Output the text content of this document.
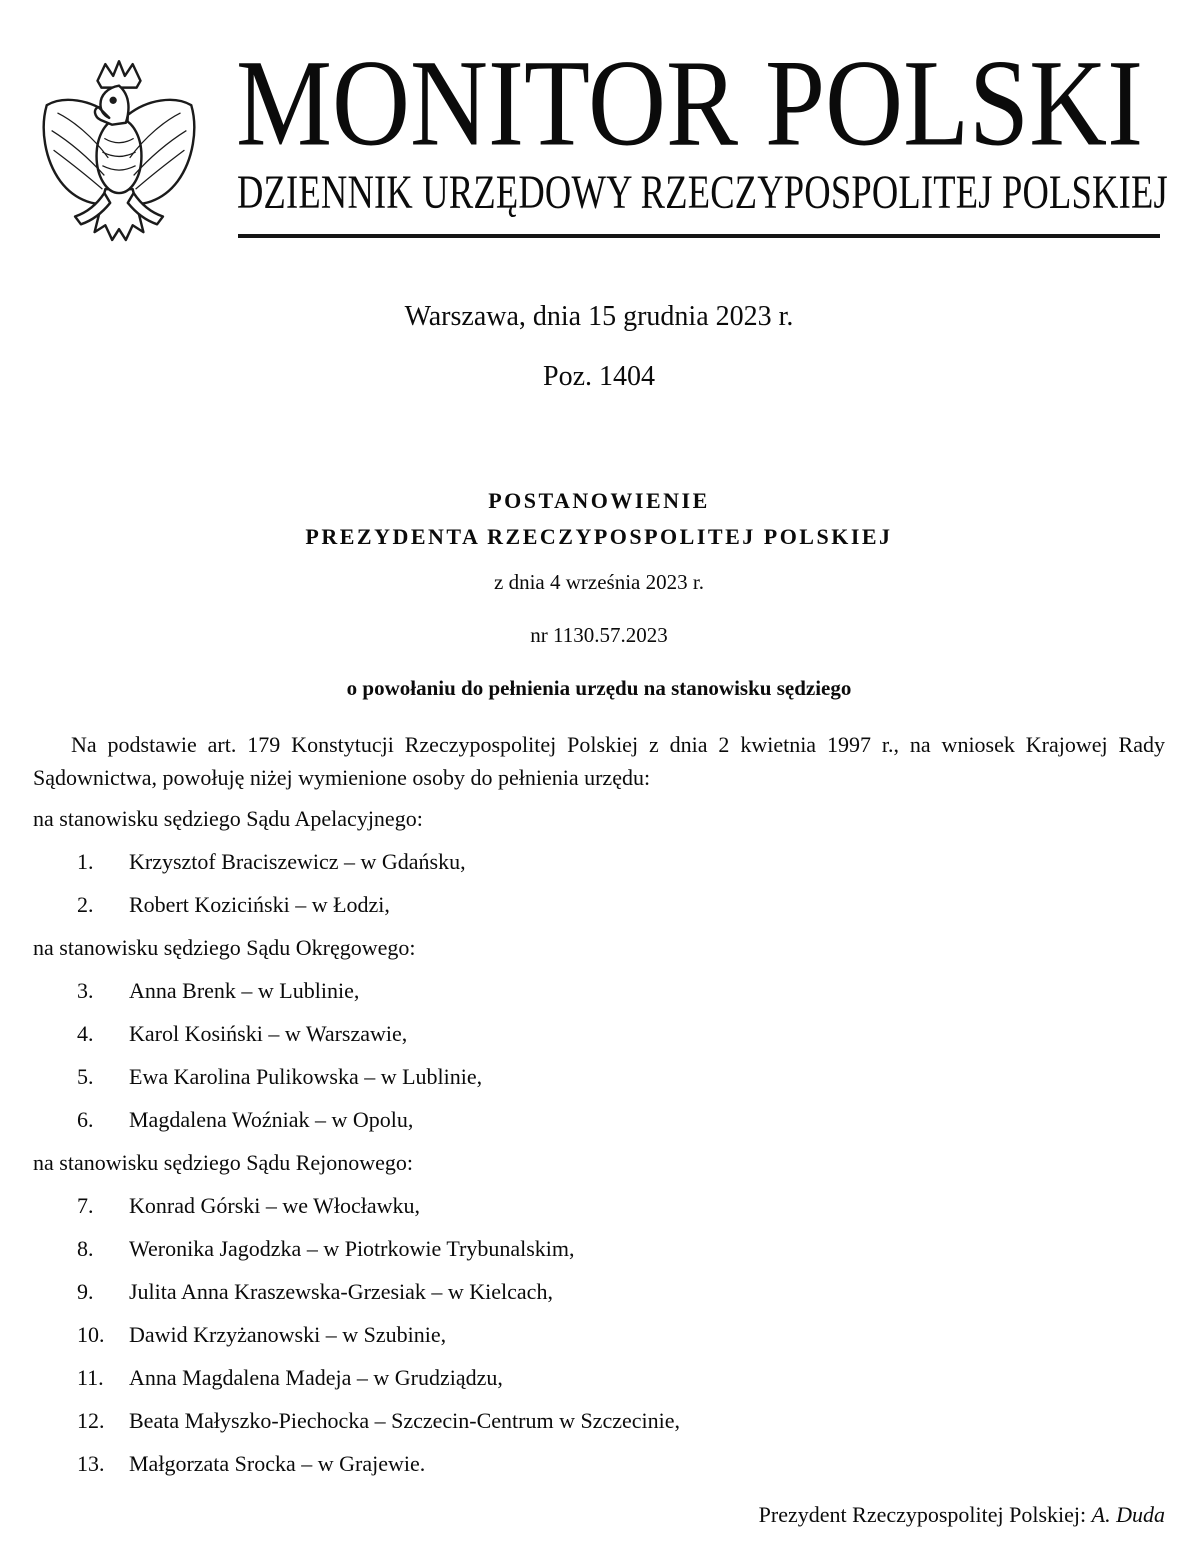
MONITOR POLSKI
DZIENNIK URZĘDOWY RZECZYPOSPOLITEJ POLSKIEJ
Warszawa, dnia 15 grudnia 2023 r.
Poz. 1404
POSTANOWIENIE
PREZYDENTA RZECZYPOSPOLITEJ POLSKIEJ
z dnia 4 września 2023 r.
nr 1130.57.2023
o powołaniu do pełnienia urzędu na stanowisku sędziego

Na podstawie art. 179 Konstytucji Rzeczypospolitej Polskiej z dnia 2 kwietnia 1997 r., na wniosek Krajowej Rady Sądownictwa, powołuję niżej wymienione osoby do pełnienia urzędu:

na stanowisku sędziego Sądu Apelacyjnego:
1.	Krzysztof Braciszewicz – w Gdańsku,
2.	Robert Koziciński – w Łodzi,
na stanowisku sędziego Sądu Okręgowego:
3.	Anna Brenk – w Lublinie,
4.	Karol Kosiński – w Warszawie,
5.	Ewa Karolina Pulikowska – w Lublinie,
6.	Magdalena Woźniak – w Opolu,
na stanowisku sędziego Sądu Rejonowego:
7.	Konrad Górski – we Włocławku,
8.	Weronika Jagodzka – w Piotrkowie Trybunalskim,
9.	Julita Anna Kraszewska-Grzesiak – w Kielcach,
10.	Dawid Krzyżanowski – w Szubinie,
11.	Anna Magdalena Madeja – w Grudziądzu,
12.	Beata Małyszko-Piechocka – Szczecin-Centrum w Szczecinie,
13.	Małgorzata Srocka – w Grajewie.
Prezydent Rzeczypospolitej Polskiej: A. Duda
